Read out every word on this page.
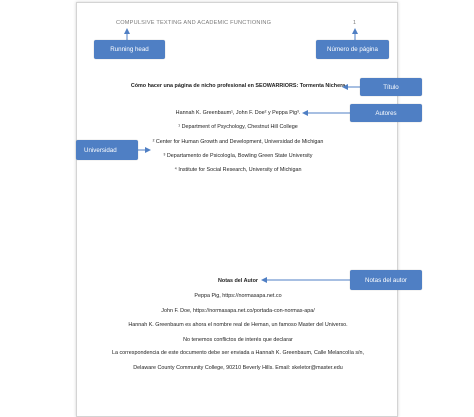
COMPULSIVE TEXTING AND ACADEMIC FUNCTIONING	1
Cómo hacer una página de nicho profesional en SEOWARRIORS: Tormenta Nichera
Hannah K. Greenbaum¹, John F. Doe² y Peppa Pig³.
¹ Department of Psychology, Chestnut Hill College
² Center for Human Growth and Development, Universidad de Michigan
³ Departamento de Psicología, Bowling Green State University
⁴ Institute for Social Research, University of Michigan
Notas del Autor
Peppa Pig, https://normasapa.net.co
John F. Doe, https://normasapa.net.co/portada-con-normas-apa/
Hannah K. Greenbaum es ahora el nombre real de Heman, un famoso Master del Universo.
No tenemos conflictos de interés que declarar
La correspondencia de este documento debe ser enviada a Hannah K. Greenbaum, Calle Melancolía s/n,
Delaware County Community College, 90210 Beverly Hills. Email: skeletor@master.edu
Running head	Número de página
Título
Autores
Universidad
Notas del autor
